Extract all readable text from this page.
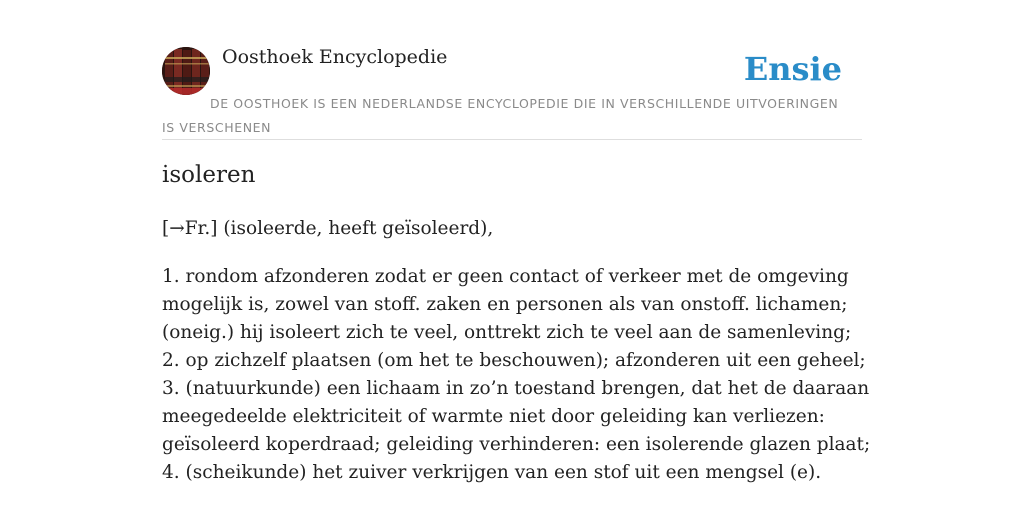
Oosthoek Encyclopedie	Ensie
DE OOSTHOEK IS EEN NEDERLANDSE ENCYCLOPEDIE DIE IN VERSCHILLENDE UITVOERINGEN IS VERSCHENEN
isoleren
[→Fr.] (isoleerde, heeft geïsoleerd),
1. rondom afzonderen zodat er geen contact of verkeer met de omgeving
mogelijk is, zowel van stoff. zaken en personen als van onstoff. lichamen;
(oneig.) hij isoleert zich te veel, onttrekt zich te veel aan de samenleving;
2. op zichzelf plaatsen (om het te beschouwen); afzonderen uit een geheel;
3. (natuurkunde) een lichaam in zo’n toestand brengen, dat het de daaraan
meegedeelde elektriciteit of warmte niet door geleiding kan verliezen:
geïsoleerd koperdraad; geleiding verhinderen: een isolerende glazen plaat;
4. (scheikunde) het zuiver verkrijgen van een stof uit een mengsel (e).
